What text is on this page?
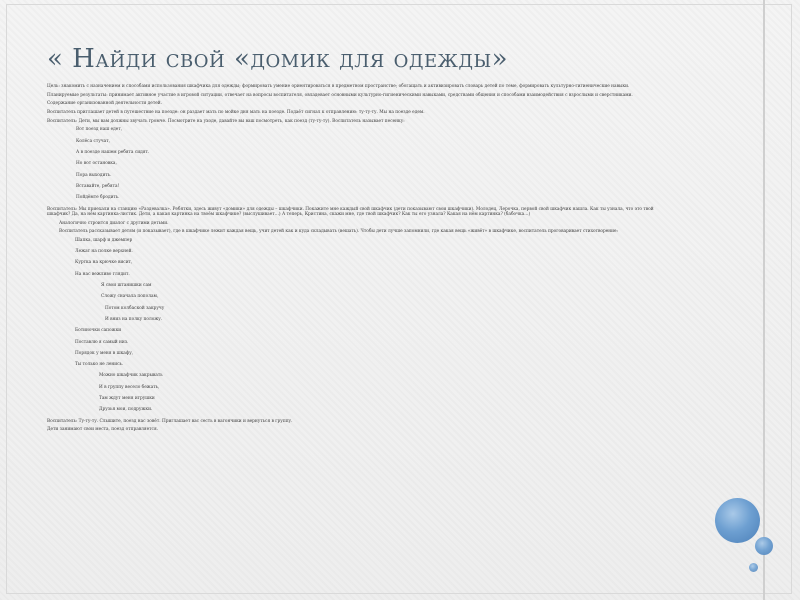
« Найди свой «домик для одежды»

Цель: знакомить с назначением и способами использования шкафчика для одежды; формировать умение ориентироваться в предметном пространстве; обогащать и активизировать словарь детей по теме, формировать культурно-гигиенические навыки.

Планируемые результаты: принимает активное участие в игровой ситуации, отвечает на вопросы воспитателя, овладевает основными культурно-гигиеническими навыками, средствами общения и способами взаимодействия с взрослыми и сверстниками.

Содержание организованной деятельности детей.

Воспитатель приглашает детей в путешествие на поезде: он раздает мать по мойке дня мать на поезде. Подаёт сигнал к отправлению: ту-ту-ту. Мы на поезде едем.

Воспитатель: Дети, мы вам должны звучать громче. Посмотрите на уходе, давайте вы ваш посмотреть, как поезд (ту-ту-ту). Воспитатель называет песенку:

Вот поезд наш едет,

Колёса стучат,

А в поезде нашем ребята сидят.

Но вот остановка,

Пора выходить.

Вставайте, ребята!

Пойдёмте бродить.

Воспитатель: Мы приехали на станцию «Раздевалка». Ребятки, здесь живут «домики» для одежды – шкафчики. Покажите мне каждый свой шкафчик (дети показывают свои шкафчики). Молодец, Лерочка, первой свой шкафчик нашла. Как ты узнала, что это твой шкафчик? Да, на нём картинка-листик. Дети, а какая картинка на твоём шкафчике? (выслушивает…) А теперь, Кристина, скажи мне, где твой шкафчик? Как ты его узнала? Какая на нём картинка? (бабочка…)

Аналогично строится диалог с другими детьми.

Воспитатель рассказывает детям (и показывает), где в шкафчике лежит каждая вещь, учит детей как и куда складывать (вешать). Чтобы дети лучше запомнили, где какая вещь «живёт» в шкафчике, воспитатель проговаривает стихотворение:

Шапка, шарф и джемпер

Лежат на полке верхней.

Куртка на крючке висит,

На нас вежливо глядит.

Я свои штанишки сам

Сложу сначала пополам,

Потом колбаской закручу

И вниз на полку положу.

Ботиночки сапожки

Поставлю я самый низ.

Порядок у меня в шкафу,

Ты только не ленись.

Можно шкафчик закрывать

И в группу весело бежать,

Там ждут меня игрушки

Друзья мои, подружки.

Воспитатель: Ту-ту-ту. Слышите, поезд нас зовёт. Приглашает вас сесть в вагончики и вернуться в группу.

Дети занимают свои места, поезд отправляется.
